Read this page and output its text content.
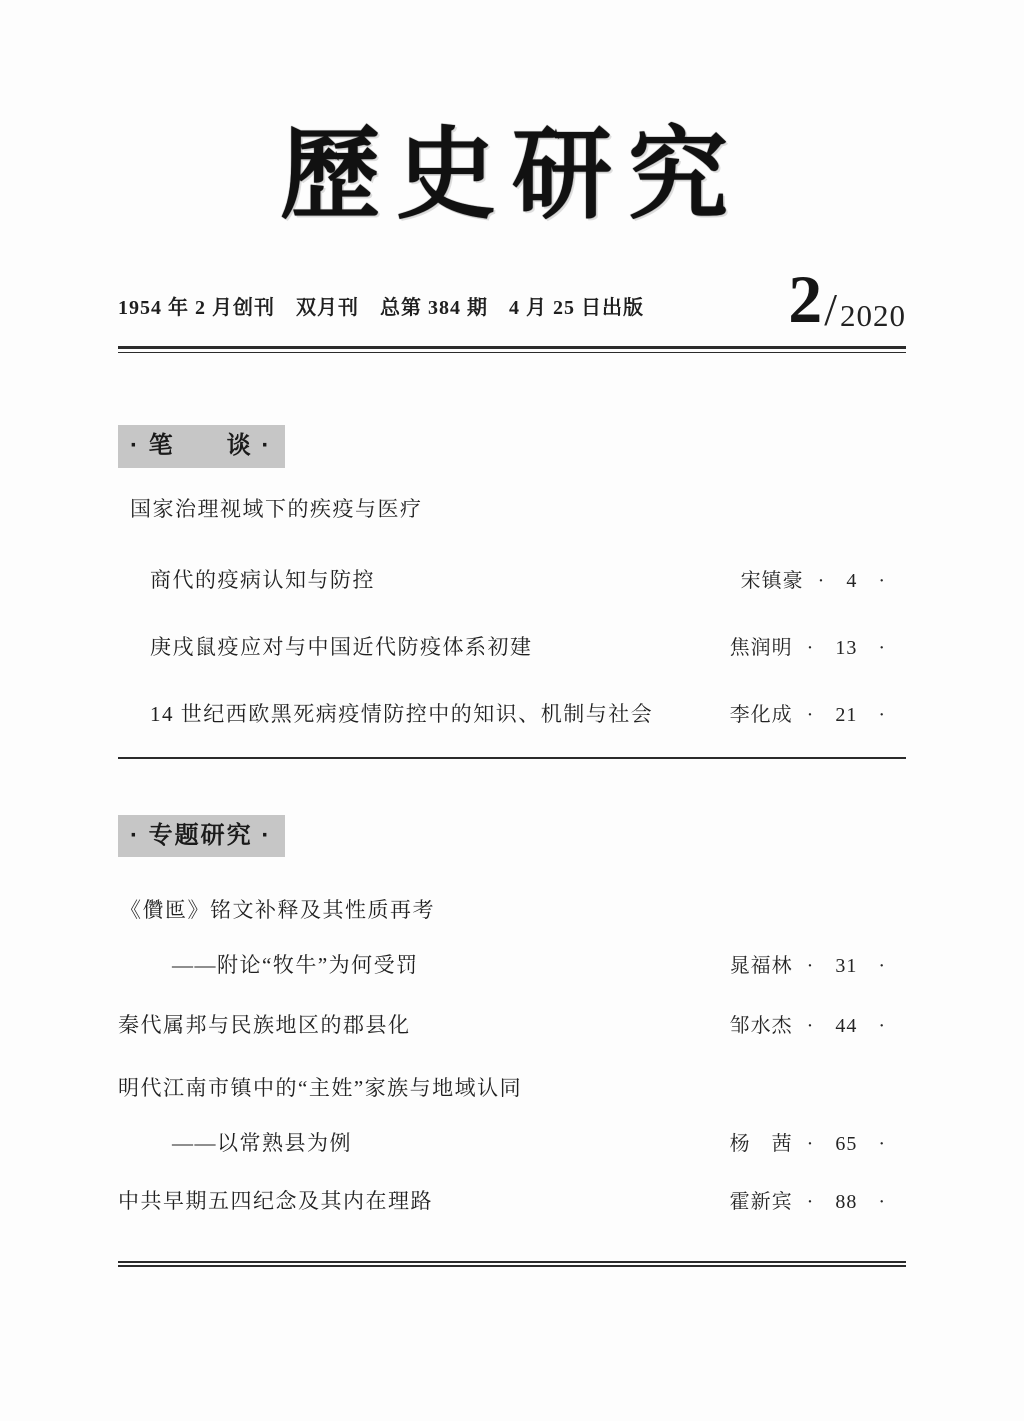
歷史研究
1954 年 2 月创刊　双月刊　总第 384 期　4 月 25 日出版 2 / 2020
· 笔　　谈 ·
国家治理视域下的疾疫与医疗
商代的疫病认知与防控	宋镇豪 ·　4　·
庚戌鼠疫应对与中国近代防疫体系初建	焦润明 ·　13　·
14 世纪西欧黑死病疫情防控中的知识、机制与社会	李化成 ·　21　·
· 专题研究 ·
《儹匜》铭文补释及其性质再考
——附论“牧牛”为何受罚	晁福林 ·　31　·
秦代属邦与民族地区的郡县化	邹水杰 ·　44　·
明代江南市镇中的“主姓”家族与地域认同
——以常熟县为例	杨　茜 ·　65　·
中共早期五四纪念及其内在理路	霍新宾 ·　88　·
